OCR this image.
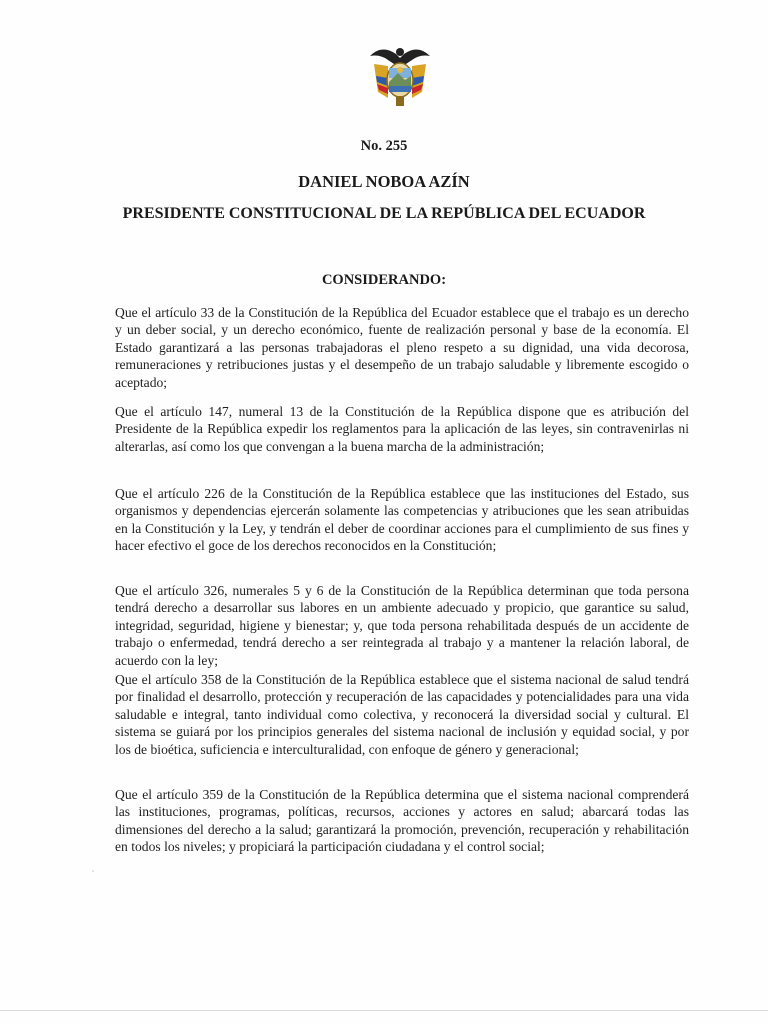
No. 255
DANIEL NOBOA AZÍN
PRESIDENTE CONSTITUCIONAL DE LA REPÚBLICA DEL ECUADOR
CONSIDERANDO:

Que el artículo 33 de la Constitución de la República del Ecuador establece que el trabajo es un derecho y un deber social, y un derecho económico, fuente de realización personal y base de la economía. El Estado garantizará a las personas trabajadoras el pleno respeto a su dignidad, una vida decorosa, remuneraciones y retribuciones justas y el desempeño de un trabajo saludable y libremente escogido o aceptado;

Que el artículo 147, numeral 13 de la Constitución de la República dispone que es atribución del Presidente de la República expedir los reglamentos para la aplicación de las leyes, sin contravenirlas ni alterarlas, así como los que convengan a la buena marcha de la administración;

Que el artículo 226 de la Constitución de la República establece que las instituciones del Estado, sus organismos y dependencias ejercerán solamente las competencias y atribuciones que les sean atribuidas en la Constitución y la Ley, y tendrán el deber de coordinar acciones para el cumplimiento de sus fines y hacer efectivo el goce de los derechos reconocidos en la Constitución;

Que el artículo 326, numerales 5 y 6 de la Constitución de la República determinan que toda persona tendrá derecho a desarrollar sus labores en un ambiente adecuado y propicio, que garantice su salud, integridad, seguridad, higiene y bienestar; y, que toda persona rehabilitada después de un accidente de trabajo o enfermedad, tendrá derecho a ser reintegrada al trabajo y a mantener la relación laboral, de acuerdo con la ley;

Que el artículo 358 de la Constitución de la República establece que el sistema nacional de salud tendrá por finalidad el desarrollo, protección y recuperación de las capacidades y potencialidades para una vida saludable e integral, tanto individual como colectiva, y reconocerá la diversidad social y cultural. El sistema se guiará por los principios generales del sistema nacional de inclusión y equidad social, y por los de bioética, suficiencia e interculturalidad, con enfoque de género y generacional;

Que el artículo 359 de la Constitución de la República determina que el sistema nacional comprenderá las instituciones, programas, políticas, recursos, acciones y actores en salud; abarcará todas las dimensiones del derecho a la salud; garantizará la promoción, prevención, recuperación y rehabilitación en todos los niveles; y propiciará la participación ciudadana y el control social;
